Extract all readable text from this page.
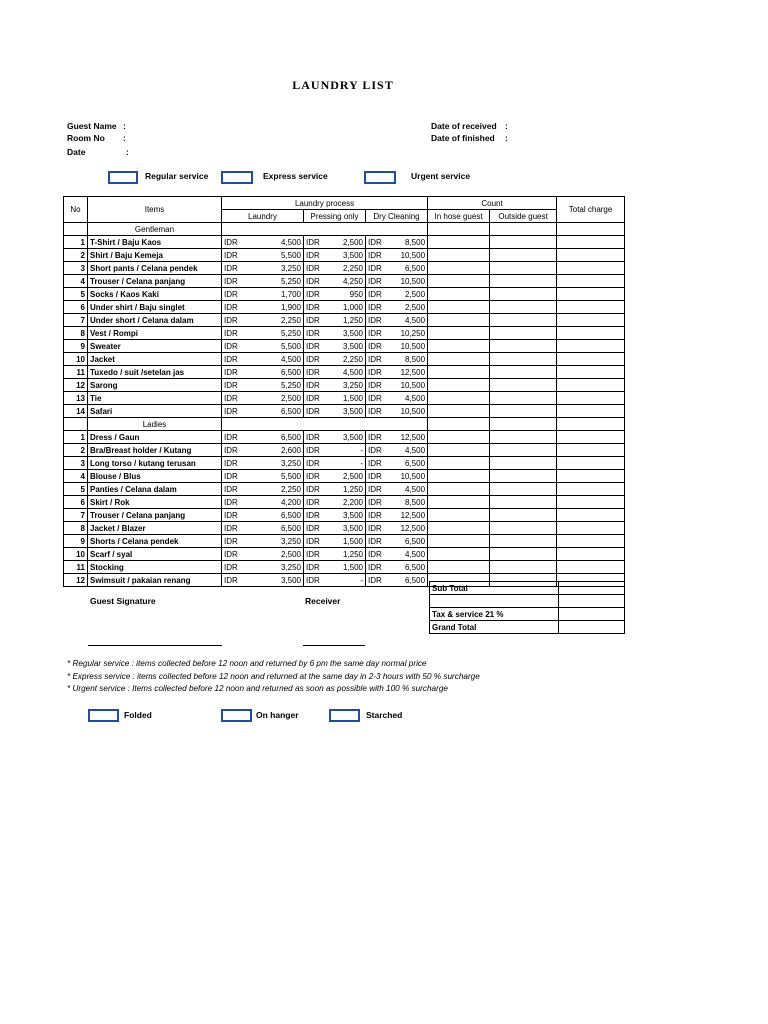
LAUNDRY LIST
Guest Name :
Room No :
Date	:
Date of received :
Date of finished :
Regular service	Express service	Urgent service
No	Items	Laundry process						Count		Total charge
		Laundry		Pressing only		Dry Cleaning		In hose guest	Outside guest	
	Gentleman									
1	T-Shirt / Baju Kaos	IDR	4,500	IDR	2,500	IDR	8,500			
2	Shirt / Baju Kemeja	IDR	5,500	IDR	3,500	IDR	10,500			
3	Short pants / Celana pendek	IDR	3,250	IDR	2,250	IDR	6,500			
4	Trouser / Celana panjang	IDR	5,250	IDR	4,250	IDR	10,500			
5	Socks / Kaos Kaki	IDR	1,700	IDR	950	IDR	2,500			
6	Under shirt / Baju singlet	IDR	1,900	IDR	1,000	IDR	2,500			
7	Under short / Celana dalam	IDR	2,250	IDR	1,250	IDR	4,500			
8	Vest / Rompi	IDR	5,250	IDR	3,500	IDR	10,250			
9	Sweater	IDR	5,500	IDR	3,500	IDR	10,500			
10	Jacket	IDR	4,500	IDR	2,250	IDR	8,500			
11	Tuxedo / suit /setelan jas	IDR	6,500	IDR	4,500	IDR	12,500			
12	Sarong	IDR	5,250	IDR	3,250	IDR	10,500			
13	Tie	IDR	2,500	IDR	1,500	IDR	4,500			
14	Safari	IDR	6,500	IDR	3,500	IDR	10,500			
	Ladies									
1	Dress / Gaun	IDR	6,500	IDR	3,500	IDR	12,500			
2	Bra/Breast holder / Kutang	IDR	2,600	IDR	-	IDR	4,500			
3	Long torso / kutang terusan	IDR	3,250	IDR	-	IDR	6,500			
4	Blouse / Blus	IDR	5,500	IDR	2,500	IDR	10,500			
5	Panties / Celana dalam	IDR	2,250	IDR	1,250	IDR	4,500			
6	Skirt / Rok	IDR	4,200	IDR	2,200	IDR	8,500			
7	Trouser / Celana panjang	IDR	6,500	IDR	3,500	IDR	12,500			
8	Jacket / Blazer	IDR	6,500	IDR	3,500	IDR	12,500			
9	Shorts / Celana pendek	IDR	3,250	IDR	1,500	IDR	6,500			
10	Scarf / syal	IDR	2,500	IDR	1,250	IDR	4,500			
11	Stocking	IDR	3,250	IDR	1,500	IDR	6,500			
12	Swimsuit / pakaian renang	IDR	3,500	IDR	-	IDR	6,500			
Sub Total	

Tax & service 21 %	
Grand Total	
Guest Signature	Receiver
* Regular service : items collected before 12 noon and returned by 6 pm the same day normal price
* Express service : items collected before 12 noon and returned at the same day in 2-3 hours with 50 % surcharge
* Urgent service : Items collected before 12 noon and returned as soon as possible with 100 % surcharge
Folded	On hanger	Starched
